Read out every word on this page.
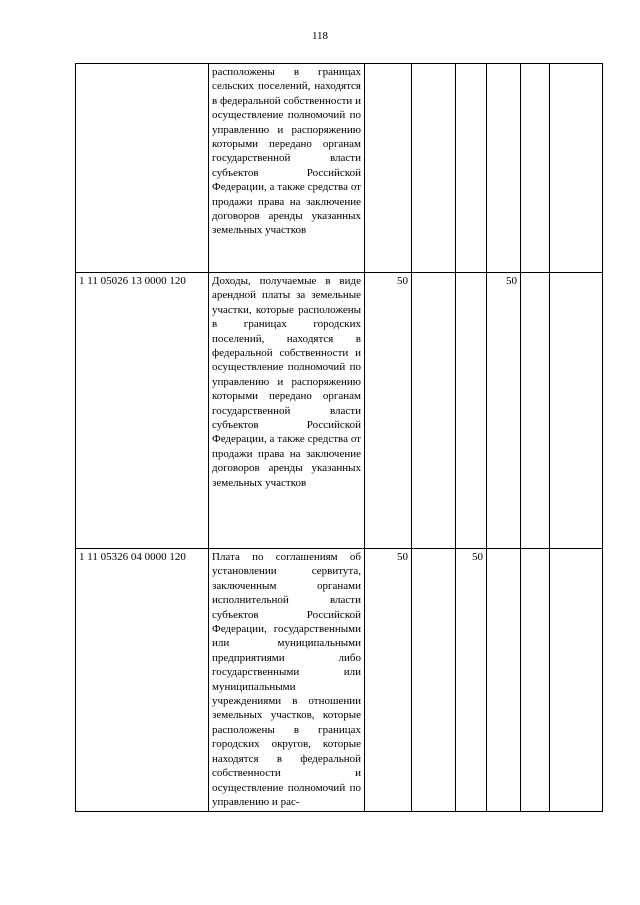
118
	расположены в границах сельских поселений, находятся в федеральной собственности и осуществление полномочий по управлению и распоряжению которыми передано органам государственной власти субъектов Российской Федерации, а также средства от продажи права на заключение договоров аренды указанных земельных участков						
1 11 05026 13 0000 120	Доходы, получаемые в виде арендной платы за земельные участки, которые расположены в границах городских поселений, находятся в федеральной собственности и осуществление полномочий по управлению и распоряжению которыми передано органам государственной власти субъектов Российской Федерации, а также средства от продажи права на заключение договоров аренды указанных земельных участков	50			50		
1 11 05326 04 0000 120	Плата по соглашениям об установлении сервитута, заключенным органами исполнительной власти субъектов Российской Федерации, государственными или муниципальными предприятиями либо государственными или муниципальными учреждениями в отношении земельных участков, которые расположены в границах городских округов, которые находятся в федеральной собственности и осуществление полномочий по управлению и рас-	50		50			
